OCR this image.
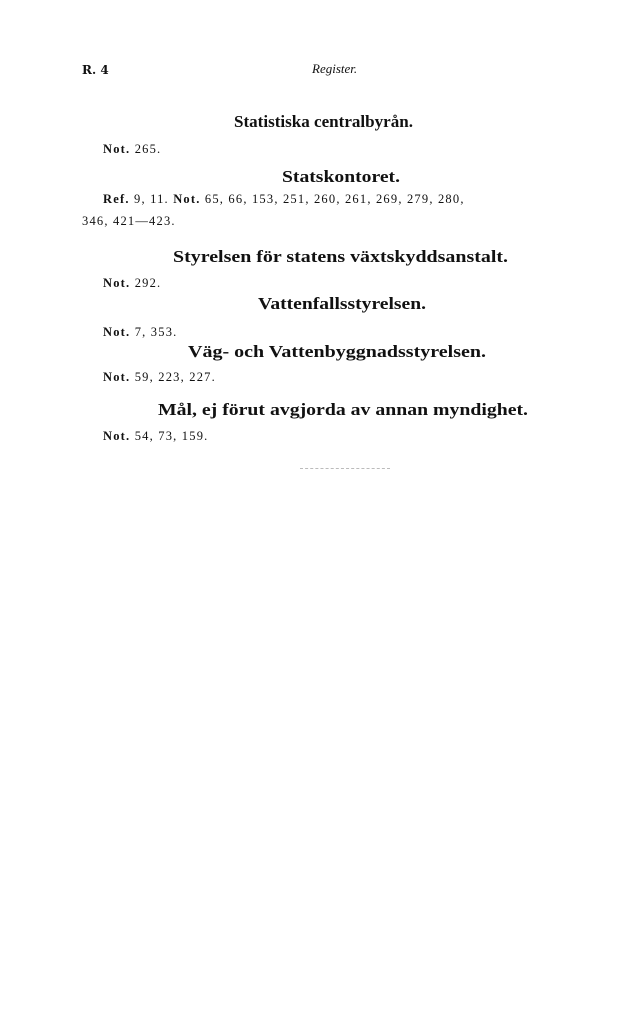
R. 4	Register.
Statistiska centralbyrån.
Not. 265.
Statskontoret.
Ref. 9, 11. Not. 65, 66, 153, 251, 260, 261, 269, 279, 280,
346, 421—423.
Styrelsen för statens växtskyddsanstalt.
Not. 292.
Vattenfallsstyrelsen.
Not. 7, 353.
Väg- och Vattenbyggnadsstyrelsen.
Not. 59, 223, 227.
Mål, ej förut avgjorda av annan myndighet.
Not. 54, 73, 159.
